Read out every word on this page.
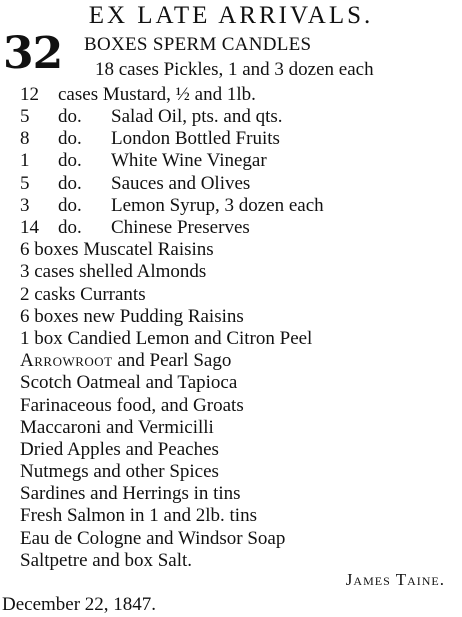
EX LATE ARRIVALS.
32 BOXES SPERM CANDLES
18 cases Pickles, 1 and 3 dozen each
12 cases Mustard, ½ and 1lb.
5 do. Salad Oil, pts. and qts.
8 do. London Bottled Fruits
1 do. White Wine Vinegar
5 do. Sauces and Olives
3 do. Lemon Syrup, 3 dozen each
14 do. Chinese Preserves
6 boxes Muscatel Raisins
3 cases shelled Almonds
2 casks Currants
6 boxes new Pudding Raisins
1 box Candied Lemon and Citron Peel
Arrowroot and Pearl Sago
Scotch Oatmeal and Tapioca
Farinaceous food, and Groats
Maccaroni and Vermicilli
Dried Apples and Peaches
Nutmegs and other Spices
Sardines and Herrings in tins
Fresh Salmon in 1 and 2lb. tins
Eau de Cologne and Windsor Soap
Saltpetre and box Salt.
James Taine.
December 22, 1847.
